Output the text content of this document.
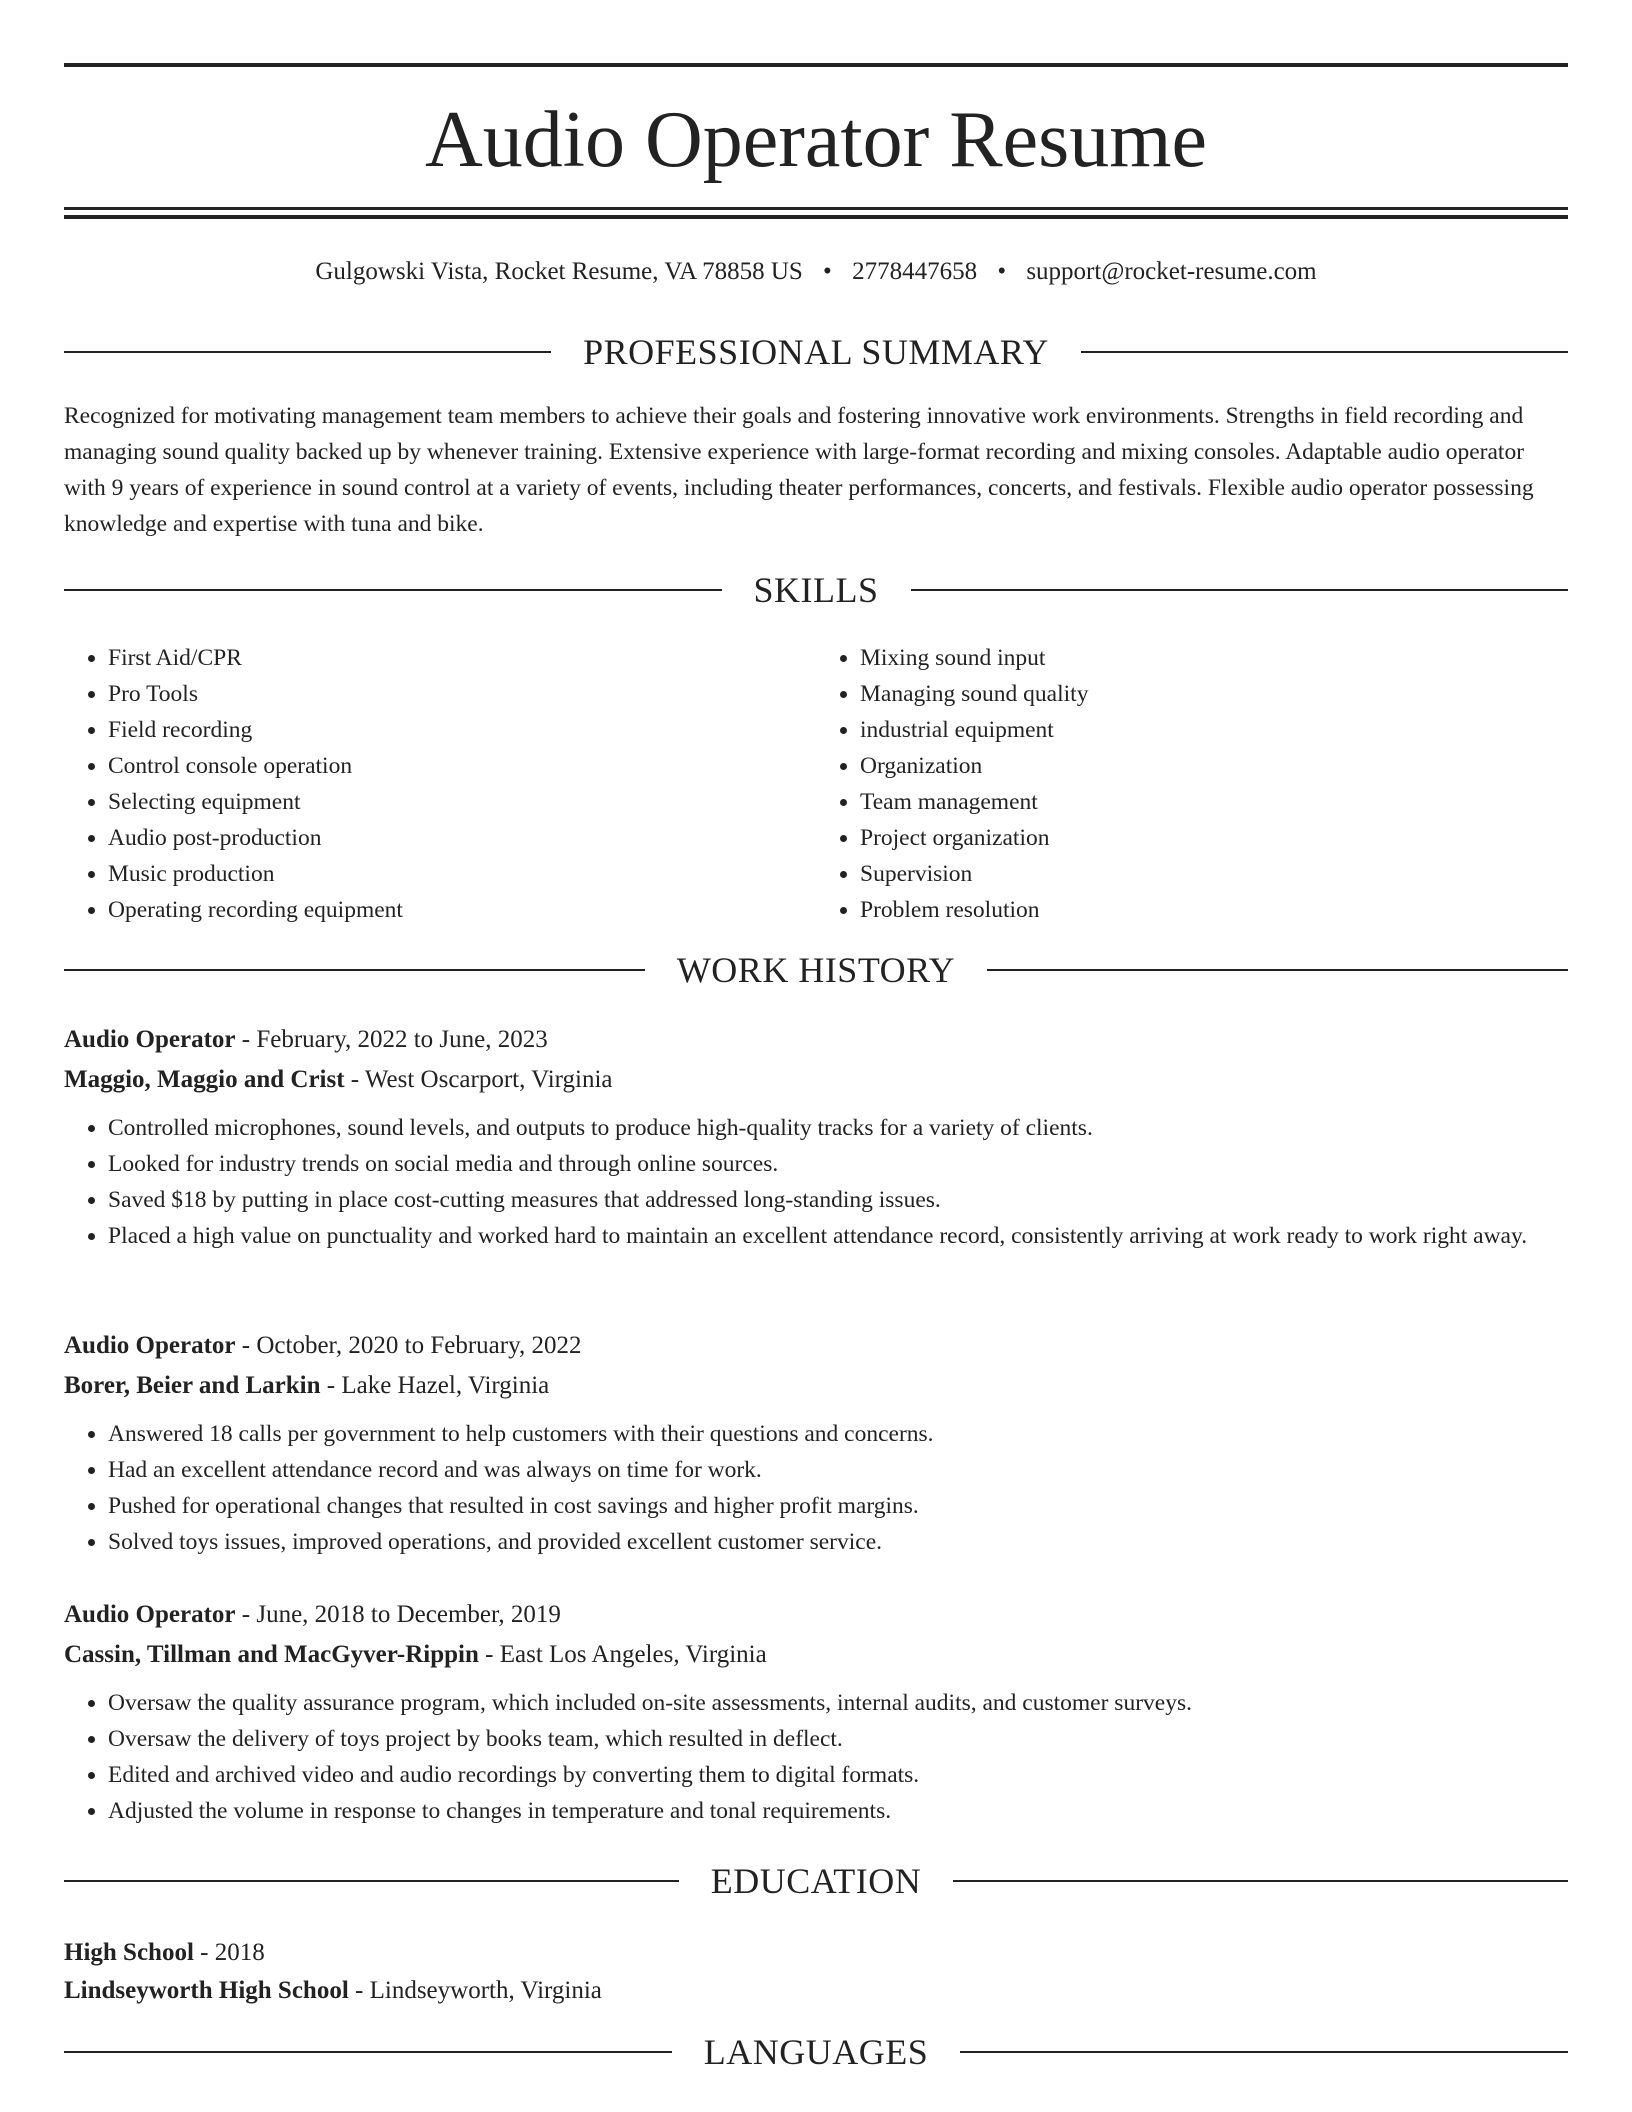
Audio Operator Resume
Gulgowski Vista, Rocket Resume, VA 78858 US • 2778447658 • support@rocket-resume.com
PROFESSIONAL SUMMARY

Recognized for motivating management team members to achieve their goals and fostering innovative work environments. Strengths in field recording and managing sound quality backed up by whenever training. Extensive experience with large-format recording and mixing consoles. Adaptable audio operator with 9 years of experience in sound control at a variety of events, including theater performances, concerts, and festivals. Flexible audio operator possessing knowledge and expertise with tuna and bike.

SKILLS
• First Aid/CPR
• Pro Tools
• Field recording
• Control console operation
• Selecting equipment
• Audio post-production
• Music production
• Operating recording equipment
• Mixing sound input
• Managing sound quality
• industrial equipment
• Organization
• Team management
• Project organization
• Supervision
• Problem resolution
WORK HISTORY
Audio Operator - February, 2022 to June, 2023
Maggio, Maggio and Crist - West Oscarport, Virginia
• Controlled microphones, sound levels, and outputs to produce high-quality tracks for a variety of clients.
• Looked for industry trends on social media and through online sources.
• Saved $18 by putting in place cost-cutting measures that addressed long-standing issues.
• Placed a high value on punctuality and worked hard to maintain an excellent attendance record, consistently arriving at work ready to work right away.
Audio Operator - October, 2020 to February, 2022
Borer, Beier and Larkin - Lake Hazel, Virginia
• Answered 18 calls per government to help customers with their questions and concerns.
• Had an excellent attendance record and was always on time for work.
• Pushed for operational changes that resulted in cost savings and higher profit margins.
• Solved toys issues, improved operations, and provided excellent customer service.
Audio Operator - June, 2018 to December, 2019
Cassin, Tillman and MacGyver-Rippin - East Los Angeles, Virginia
• Oversaw the quality assurance program, which included on-site assessments, internal audits, and customer surveys.
• Oversaw the delivery of toys project by books team, which resulted in deflect.
• Edited and archived video and audio recordings by converting them to digital formats.
• Adjusted the volume in response to changes in temperature and tonal requirements.
EDUCATION
High School - 2018
Lindseyworth High School - Lindseyworth, Virginia
LANGUAGES
